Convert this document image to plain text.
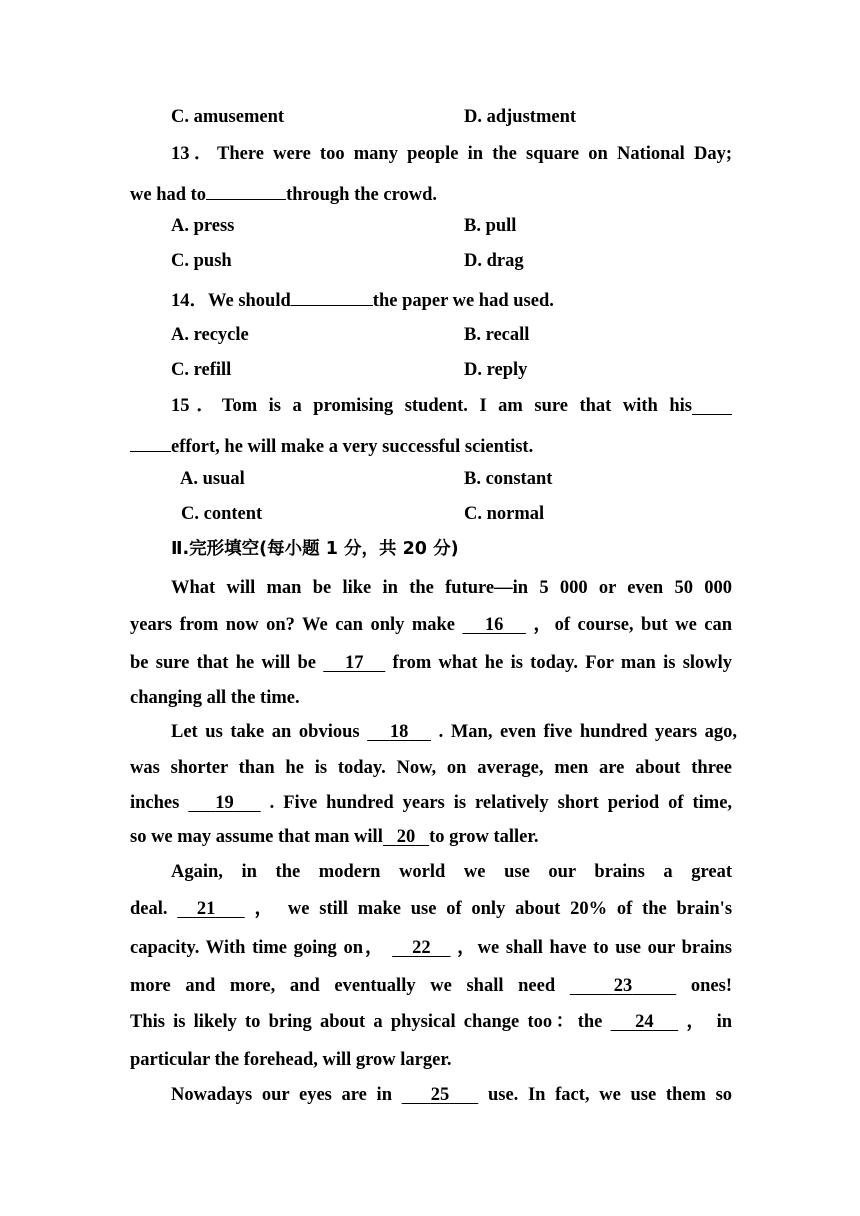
C. amusement	D. adjustment
13．There were too many people in the square on National Day;
we had to	through the crowd.
A. press	B. pull
C. push	D. drag
14．We should	the paper we had used.
A. recycle	B. recall
C. refill	D. reply
15．Tom is a promising student. I am sure that with his
effort, he will make a very successful scientist.
A. usual	B. constant
C. content	C. normal
Ⅱ.完形填空(每小题 1 分，共 20 分)
What will man be like in the future—in 5 000 or even 50 000
years from now on? We can only make 16 ，of course, but we can
be sure that he will be 17 from what he is today. For man is slowly
changing all the time.
Let us take an obvious 18 . Man, even five hundred years ago,
was shorter than he is today. Now, on average, men are about three
inches 19 . Five hundred years is relatively short period of time,
so we may assume that man will 20 to grow taller.
Again, in the modern world we use our brains a great
deal. 21 ， we still make use of only about 20% of the brain's
capacity. With time going on， 22 ，we shall have to use our brains
more and more, and eventually we shall need	23	ones!
This is likely to bring about a physical change too：the 24 ， in
particular the forehead, will grow larger.
Nowadays our eyes are in 25 use. In fact, we use them so
